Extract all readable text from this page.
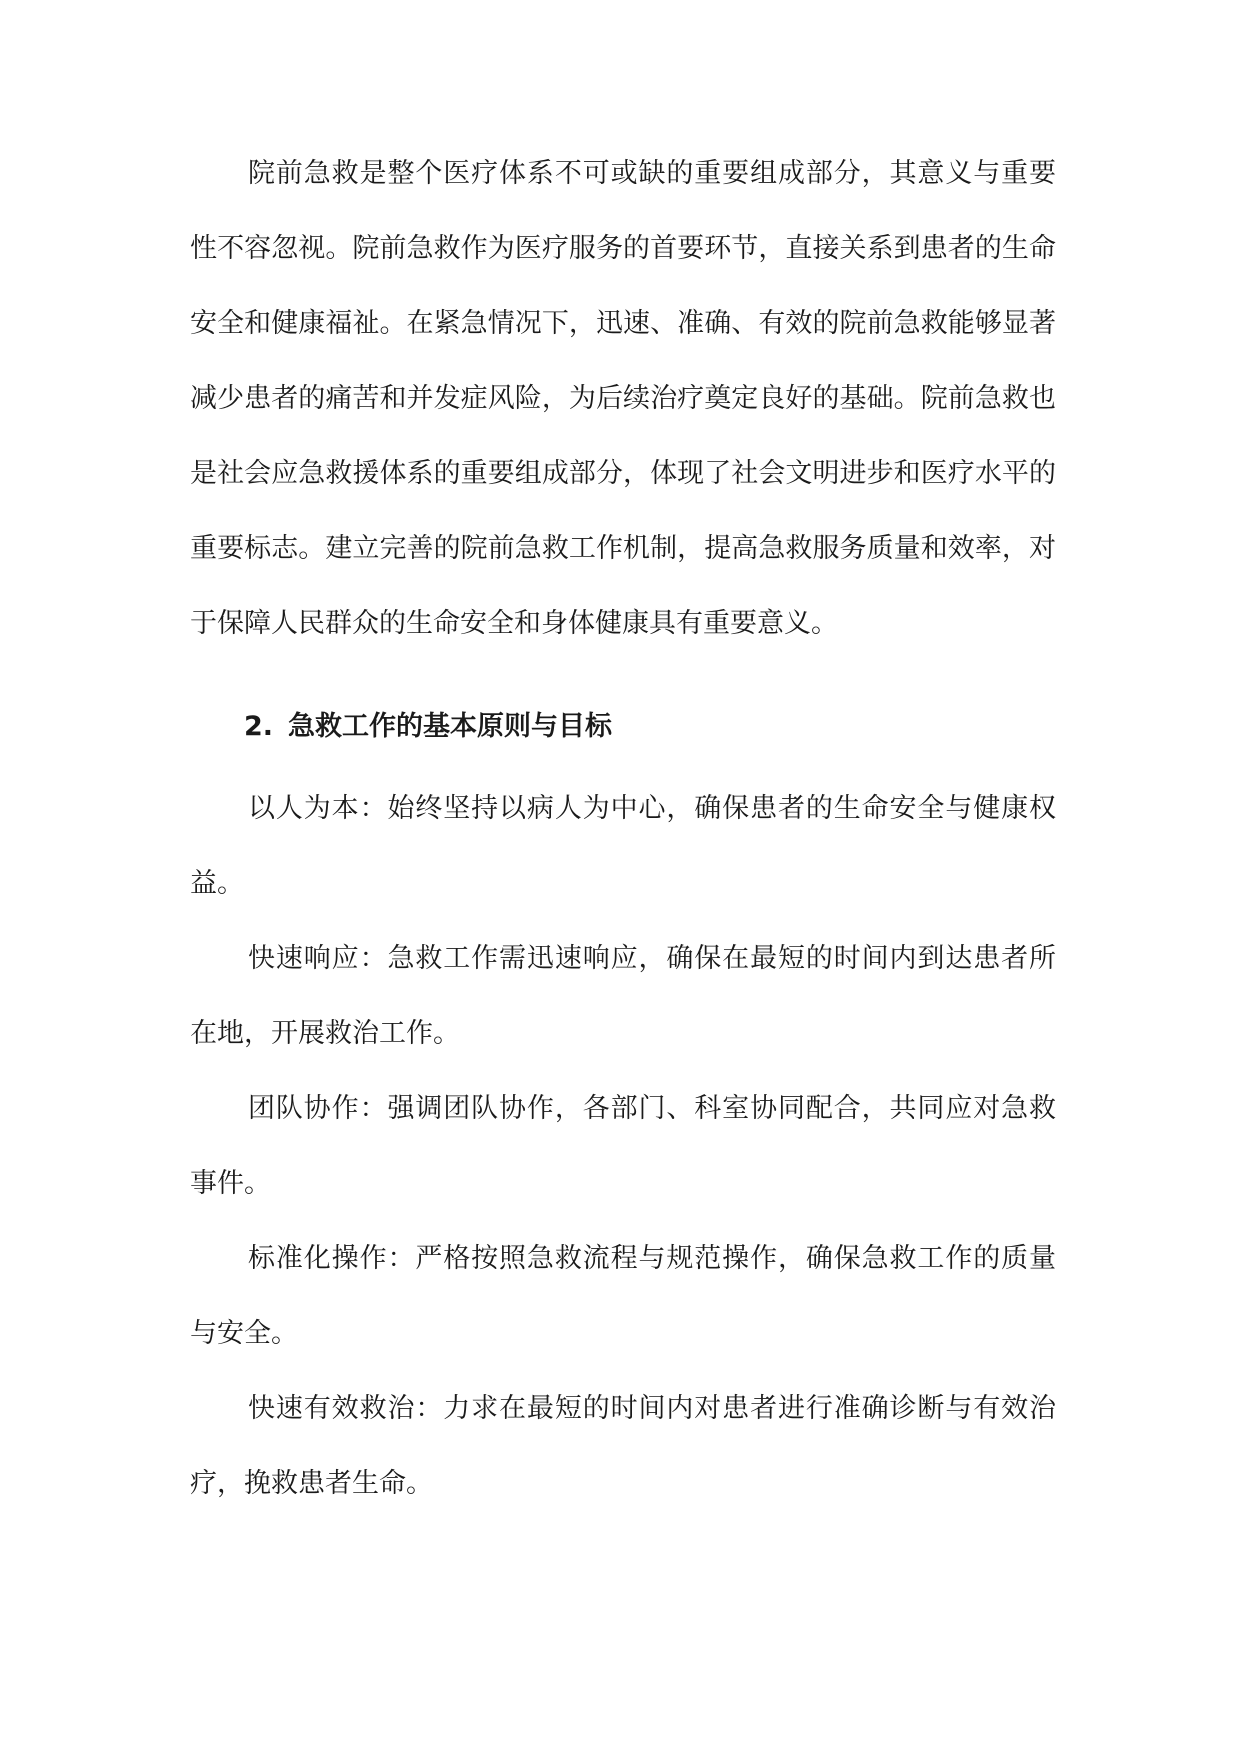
院前急救是整个医疗体系不可或缺的重要组成部分，其意义与重要性不容忽视。院前急救作为医疗服务的首要环节，直接关系到患者的生命安全和健康福祉。在紧急情况下，迅速、准确、有效的院前急救能够显著减少患者的痛苦和并发症风险，为后续治疗奠定良好的基础。院前急救也是社会应急救援体系的重要组成部分，体现了社会文明进步和医疗水平的重要标志。建立完善的院前急救工作机制，提高急救服务质量和效率，对于保障人民群众的生命安全和身体健康具有重要意义。

2. 急救工作的基本原则与目标

以人为本：始终坚持以病人为中心，确保患者的生命安全与健康权益。

快速响应：急救工作需迅速响应，确保在最短的时间内到达患者所在地，开展救治工作。

团队协作：强调团队协作，各部门、科室协同配合，共同应对急救事件。

标准化操作：严格按照急救流程与规范操作，确保急救工作的质量与安全。

快速有效救治：力求在最短的时间内对患者进行准确诊断与有效治疗，挽救患者生命。
